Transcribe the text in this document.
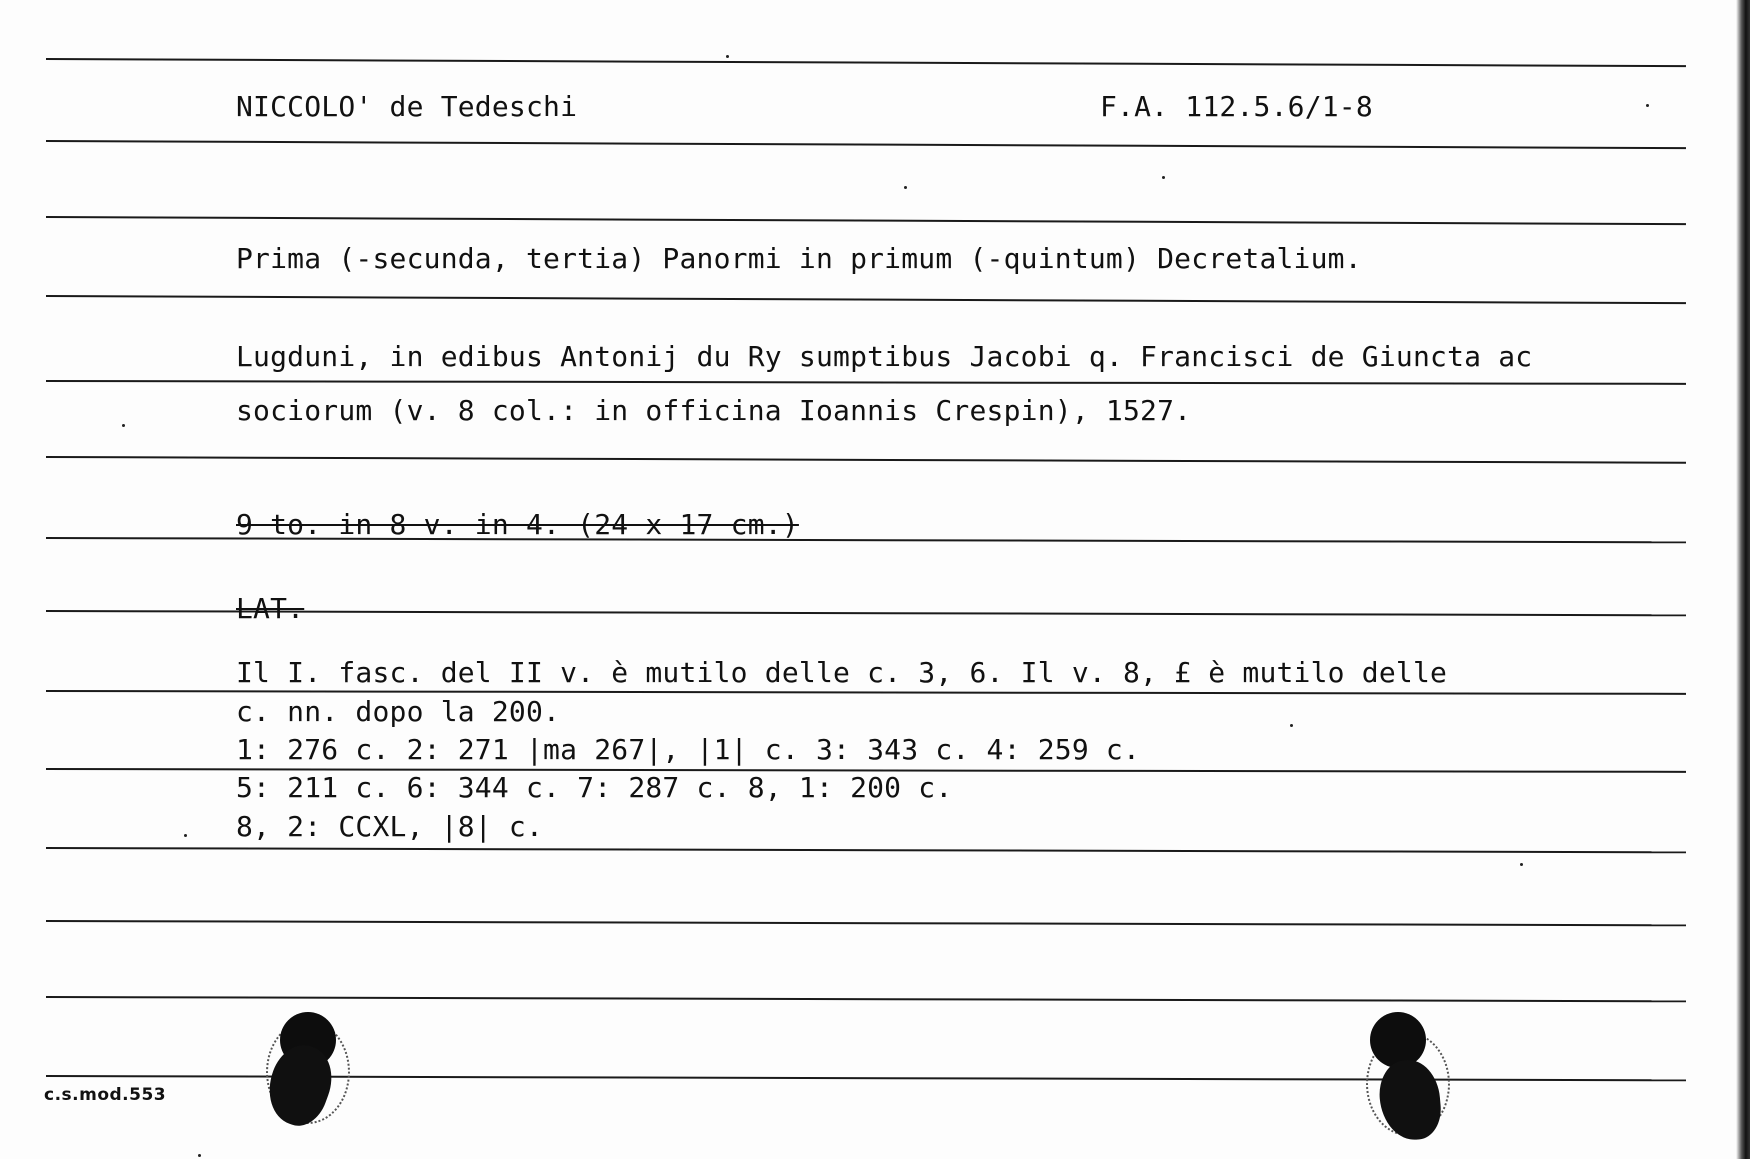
NICCOLO' de Tedeschi	F.A. 112.5.6/1-8
Prima (-secunda, tertia) Panormi in primum (-quintum) Decretalium.
Lugduni, in edibus Antonij du Ry sumptibus Jacobi q. Francisci de Giuncta ac
sociorum (v. 8 col.: in officina Ioannis Crespin), 1527.
9 to. in 8 v. in 4. (24 x 17 cm.)
LAT.
Il I. fasc. del II v. è mutilo delle c. 3, 6. Il v. 8, £ è mutilo delle
c. nn. dopo la 200.
1: 276 c. 2: 271 |ma 267|, |1| c. 3: 343 c. 4: 259 c.
5: 211 c. 6: 344 c. 7: 287 c. 8, 1: 200 c.
8, 2: CCXL, |8| c.
c.s.mod.553
